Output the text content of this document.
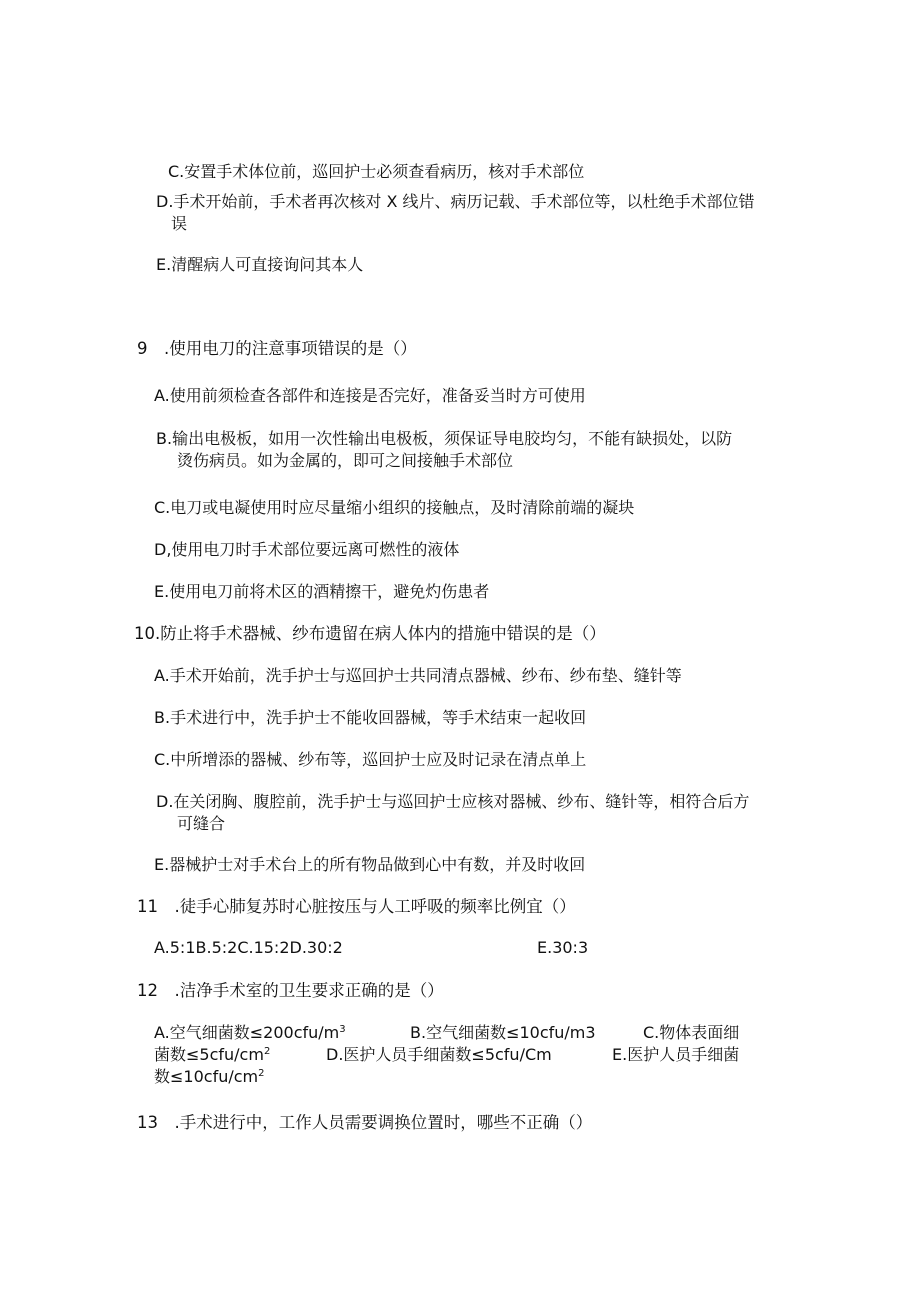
C.安置手术体位前，巡回护士必须查看病历，核对手术部位
D.手术开始前，手术者再次核对 X 线片、病历记载、手术部位等，以杜绝手术部位错
误
E.清醒病人可直接询问其本人
9　.使用电刀的注意事项错误的是（）
A.使用前须检查各部件和连接是否完好，准备妥当时方可使用
B.输出电极板，如用一次性输出电极板，须保证导电胶均匀，不能有缺损处，以防
烫伤病员。如为金属的，即可之间接触手术部位
C.电刀或电凝使用时应尽量缩小组织的接触点，及时清除前端的凝块
D,使用电刀时手术部位要远离可燃性的液体
E.使用电刀前将术区的酒精擦干，避免灼伤患者
10.防止将手术器械、纱布遗留在病人体内的措施中错误的是（）
A.手术开始前，洗手护士与巡回护士共同清点器械、纱布、纱布垫、缝针等
B.手术进行中，洗手护士不能收回器械，等手术结束一起收回
C.中所增添的器械、纱布等，巡回护士应及时记录在清点单上
D.在关闭胸、腹腔前，洗手护士与巡回护士应核对器械、纱布、缝针等，相符合后方
可缝合
E.器械护士对手术台上的所有物品做到心中有数，并及时收回
11　.徒手心肺复苏时心脏按压与人工呼吸的频率比例宜（）
A.5:1B.5:2C.15:2D.30:2	E.30:3
12　.洁净手术室的卫生要求正确的是（）
A.空气细菌数$\le 200cfu∕m^3$	B.空气细菌数≤10cfu∕m3	C.物体表面细
菌数$\le 5cfu∕cm^2$	D.医护人员手细菌数≤5cfu∕Cm	E.医护人员手细菌
数$\le 10cfu∕cm^2$
13　.手术进行中，工作人员需要调换位置时，哪些不正确（）
